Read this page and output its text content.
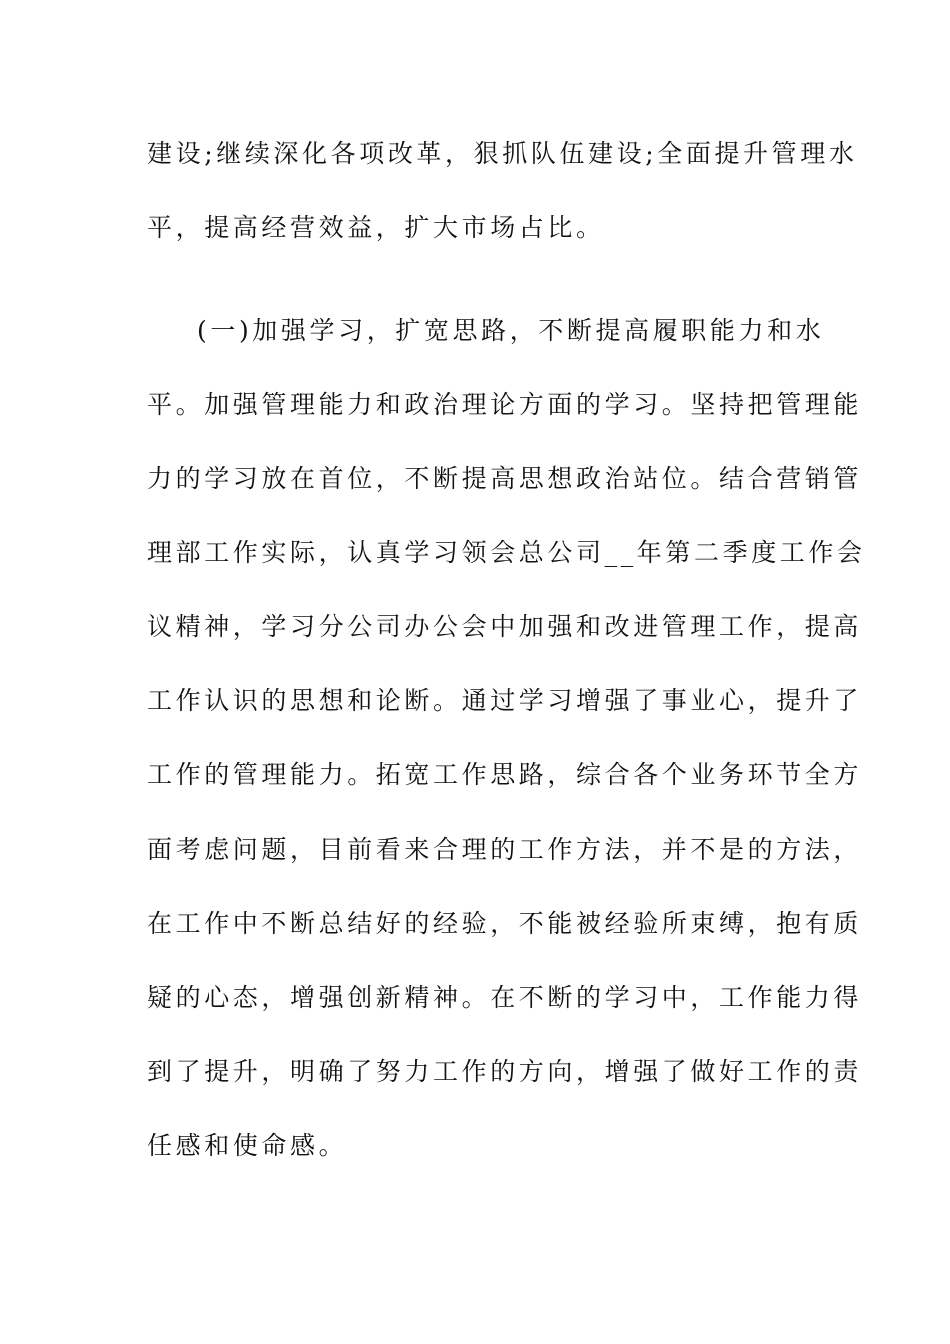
建设;继续深化各项改革，狠抓队伍建设;全面提升管理水
平，提高经营效益，扩大市场占比。
(一)加强学习，扩宽思路，不断提高履职能力和水
平。加强管理能力和政治理论方面的学习。坚持把管理能
力的学习放在首位，不断提高思想政治站位。结合营销管
理部工作实际，认真学习领会总公司__年第二季度工作会
议精神，学习分公司办公会中加强和改进管理工作，提高
工作认识的思想和论断。通过学习增强了事业心，提升了
工作的管理能力。拓宽工作思路，综合各个业务环节全方
面考虑问题，目前看来合理的工作方法，并不是的方法，
在工作中不断总结好的经验，不能被经验所束缚，抱有质
疑的心态，增强创新精神。在不断的学习中，工作能力得
到了提升，明确了努力工作的方向，增强了做好工作的责
任感和使命感。
